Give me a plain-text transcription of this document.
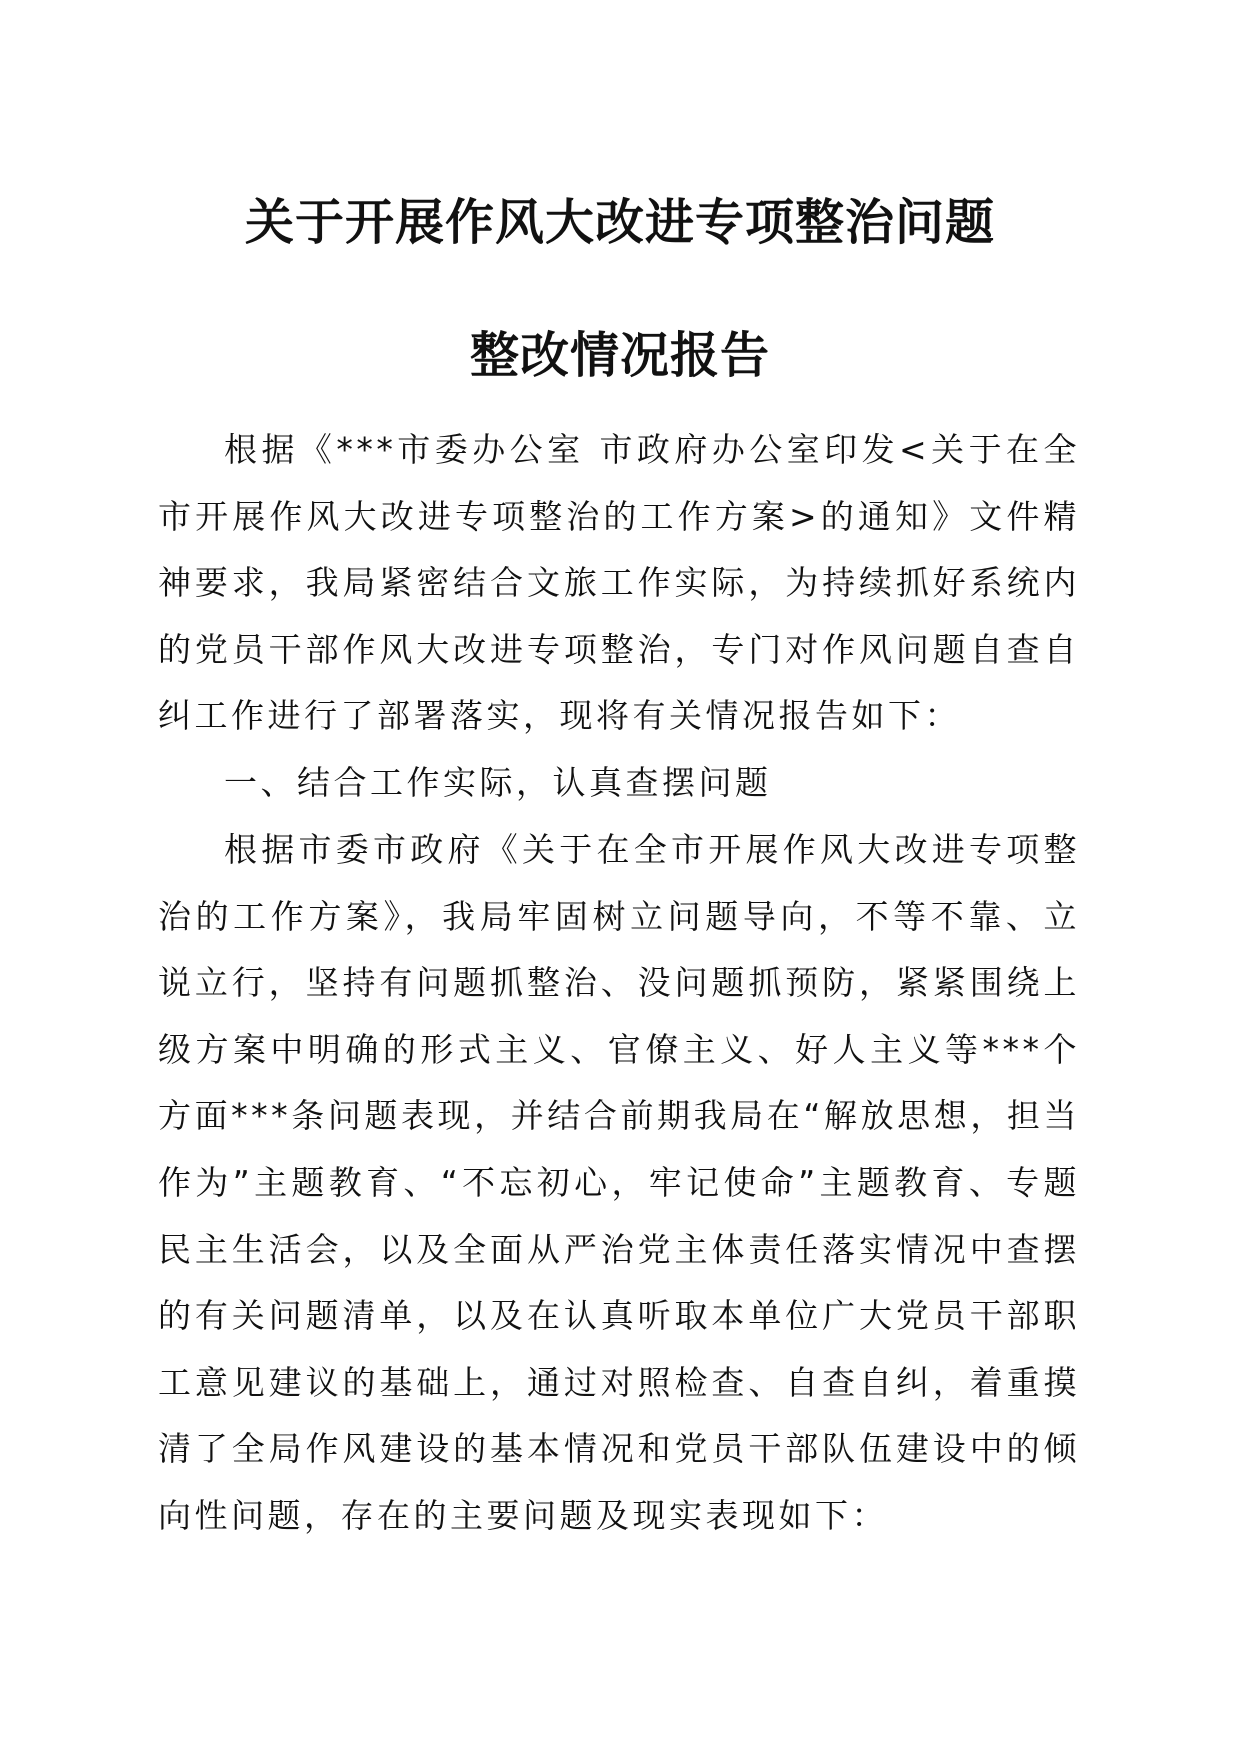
关于开展作风大改进专项整治问题
整改情况报告

根据《***市委办公室 市政府办公室印发<关于在全市开展作风大改进专项整治的工作方案>的通知》文件精神要求，我局紧密结合文旅工作实际，为持续抓好系统内的党员干部作风大改进专项整治，专门对作风问题自查自纠工作进行了部署落实，现将有关情况报告如下：

一、结合工作实际，认真查摆问题

根据市委市政府《关于在全市开展作风大改进专项整治的工作方案》，我局牢固树立问题导向，不等不靠、立说立行，坚持有问题抓整治、没问题抓预防，紧紧围绕上级方案中明确的形式主义、官僚主义、好人主义等***个方面***条问题表现，并结合前期我局在“解放思想，担当作为”主题教育、“不忘初心，牢记使命”主题教育、专题民主生活会，以及全面从严治党主体责任落实情况中查摆的有关问题清单，以及在认真听取本单位广大党员干部职工意见建议的基础上，通过对照检查、自查自纠，着重摸清了全局作风建设的基本情况和党员干部队伍建设中的倾向性问题，存在的主要问题及现实表现如下：
